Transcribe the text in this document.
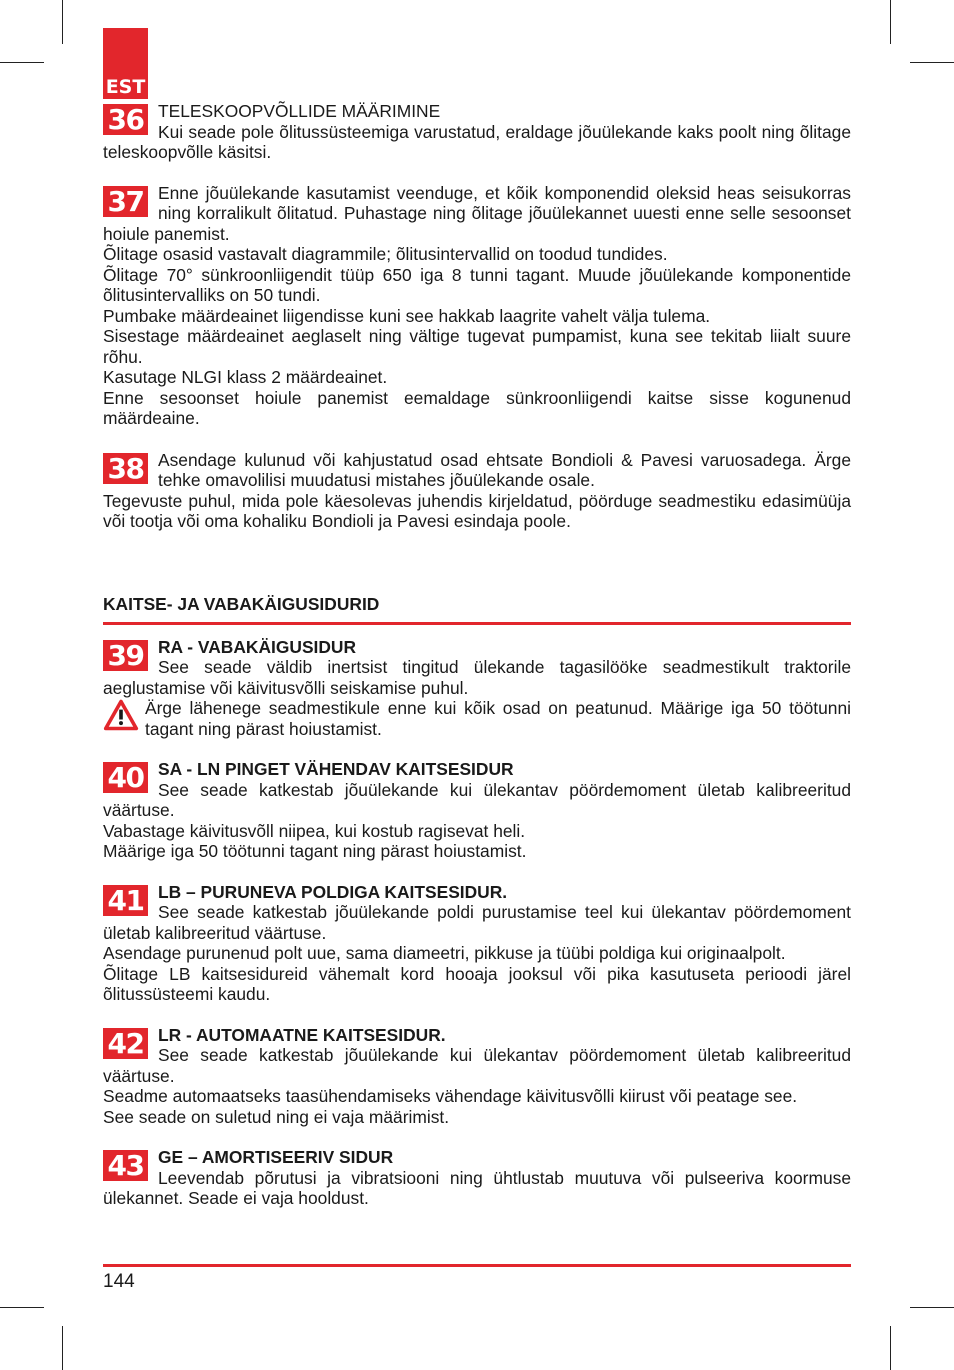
EST
36 TELESKOOPVÕLLIDE MÄÄRIMINE

Kui seade pole õlitussüsteemiga varustatud, eraldage jõuülekande kaks poolt ning õlitage teleskoopvõlle käsitsi.

37 Enne jõuülekande kasutamist veenduge, et kõik komponendid oleksid heas seisukorras ning korralikult õlitatud. Puhastage ning õlitage jõuülekannet uuesti enne selle sesoonset hoiule panemist.

Õlitage osasid vastavalt diagrammile; õlitusintervallid on toodud tundides.

Õlitage 70° sünkroonliigendit tüüp 650 iga 8 tunni tagant. Muude jõuülekande komponentide õlitusintervalliks on 50 tundi.

Pumbake määrdeainet liigendisse kuni see hakkab laagrite vahelt välja tulema.

Sisestage määrdeainet aeglaselt ning vältige tugevat pumpamist, kuna see tekitab liialt suure rõhu.

Kasutage NLGI klass 2 määrdeainet.

Enne sesoonset hoiule panemist eemaldage sünkroonliigendi kaitse sisse kogunenud määrdeaine.

38 Asendage kulunud või kahjustatud osad ehtsate Bondioli & Pavesi varuosadega. Ärge tehke omavolilisi muudatusi mistahes jõuülekande osale.

Tegevuste puhul, mida pole käesolevas juhendis kirjeldatud, pöörduge seadmestiku edasimüüja või tootja või oma kohaliku Bondioli ja Pavesi esindaja poole.

KAITSE- JA VABAKÄIGUSIDURID
39 RA - VABAKÄIGUSIDUR

See seade väldib inertsist tingitud ülekande tagasilööke seadmestikult traktorile aeglustamise või käivitusvõlli seiskamise puhul.

Ärge lähenege seadmestikule enne kui kõik osad on peatunud. Määrige iga 50 töötunni tagant ning pärast hoiustamist.

40 SA - LN PINGET VÄHENDAV KAITSESIDUR

See seade katkestab jõuülekande kui ülekantav pöördemoment ületab kalibreeritud väärtuse.

Vabastage käivitusvõll niipea, kui kostub ragisevat heli.

Määrige iga 50 töötunni tagant ning pärast hoiustamist.

41 LB – PURUNEVA POLDIGA KAITSESIDUR.

See seade katkestab jõuülekande poldi purustamise teel kui ülekantav pöördemoment ületab kalibreeritud väärtuse.

Asendage purunenud polt uue, sama diameetri, pikkuse ja tüübi poldiga kui originaalpolt.

Õlitage LB kaitsesidureid vähemalt kord hooaja jooksul või pika kasutuseta perioodi järel õlitussüsteemi kaudu.

42 LR - AUTOMAATNE KAITSESIDUR.

See seade katkestab jõuülekande kui ülekantav pöördemoment ületab kalibreeritud väärtuse.

Seadme automaatseks taasühendamiseks vähendage käivitusvõlli kiirust või peatage see.

See seade on suletud ning ei vaja määrimist.

43 GE – AMORTISEERIV SIDUR

Leevendab põrutusi ja vibratsiooni ning ühtlustab muutuva või pulseeriva koormuse ülekannet. Seade ei vaja hooldust.

144
